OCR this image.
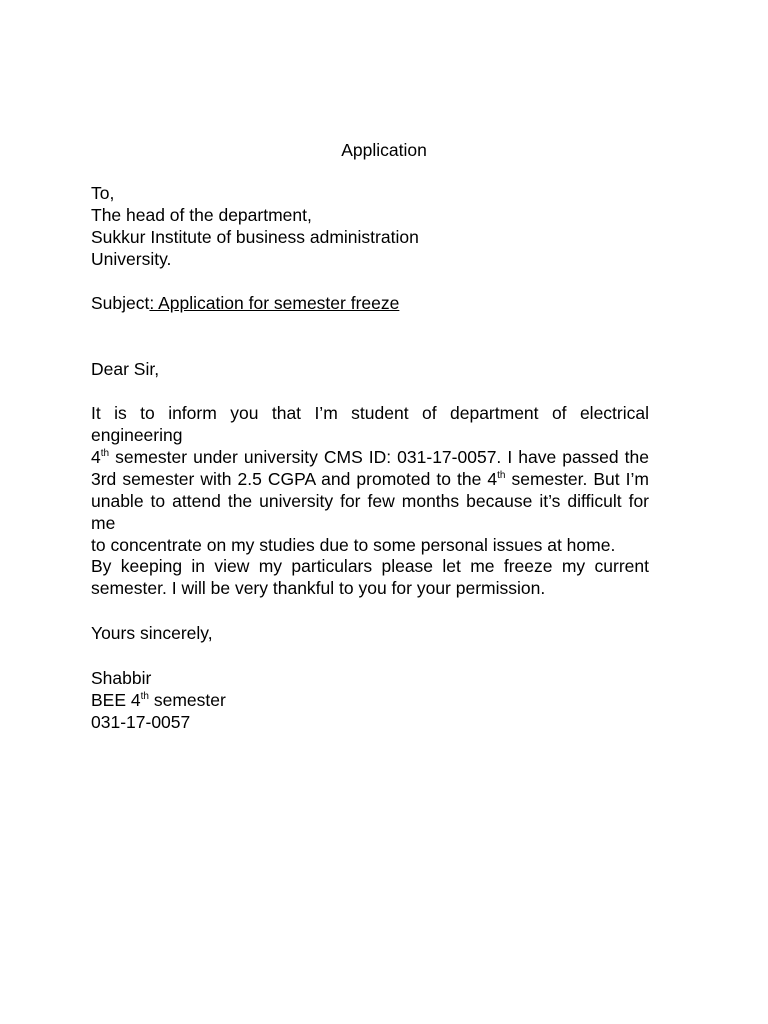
Application
To,
The head of the department,
Sukkur Institute of business administration
University.
Subject: Application for semester freeze
Dear Sir,
It is to inform you that I’m student of department of electrical engineering
4th semester under university CMS ID: 031-17-0057. I have passed the
3rd semester with 2.5 CGPA and promoted to the 4th semester. But I’m
unable to attend the university for few months because it’s difficult for me
to concentrate on my studies due to some personal issues at home.
By keeping in view my particulars please let me freeze my current
semester. I will be very thankful to you for your permission.
Yours sincerely,
Shabbir
BEE 4th semester
031-17-0057
